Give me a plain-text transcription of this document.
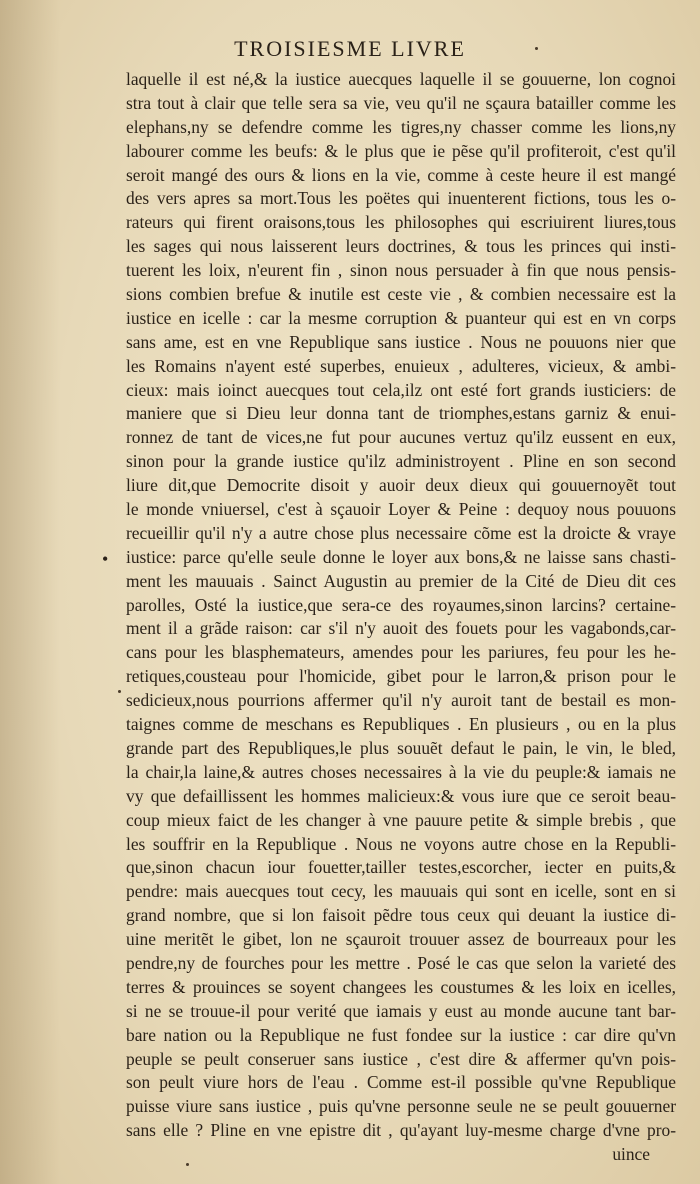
TROISIESME LIVRE
laquelle il est né,& la iustice auecques laquelle il se gouuerne, lon cognoi
stra tout à clair que telle sera sa vie, veu qu'il ne sçaura batailler comme les
elephans,ny se defendre comme les tigres,ny chasser comme les lions,ny
labourer comme les beufs: & le plus que ie pẽse qu'il profiteroit, c'est qu'il
seroit mangé des ours & lions en la vie, comme à ceste heure il est mangé
des vers apres sa mort.Tous les poëtes qui inuenterent fictions, tous les o-
rateurs qui firent oraisons,tous les philosophes qui escriuirent liures,tous
les sages qui nous laisserent leurs doctrines, & tous les princes qui insti-
tuerent les loix, n'eurent fin , sinon nous persuader à fin que nous pensis-
sions combien brefue & inutile est ceste vie , & combien necessaire est la
iustice en icelle : car la mesme corruption & puanteur qui est en vn corps
sans ame, est en vne Republique sans iustice . Nous ne pouuons nier que
les Romains n'ayent esté superbes, enuieux , adulteres, vicieux, & ambi-
cieux: mais ioinct auecques tout cela,ilz ont esté fort grands iusticiers: de
maniere que si Dieu leur donna tant de triomphes,estans garniz & enui-
ronnez de tant de vices,ne fut pour aucunes vertuz qu'ilz eussent en eux,
sinon pour la grande iustice qu'ilz administroyent . Pline en son second
liure dit,que Democrite disoit y auoir deux dieux qui gouuernoyẽt tout
le monde vniuersel, c'est à sçauoir Loyer & Peine : dequoy nous pouuons
recueillir qu'il n'y a autre chose plus necessaire cõme est la droicte & vraye
iustice: parce qu'elle seule donne le loyer aux bons,& ne laisse sans chasti-
ment les mauuais . Sainct Augustin au premier de la Cité de Dieu dit ces
parolles, Osté la iustice,que sera-ce des royaumes,sinon larcins? certaine-
ment il a grãde raison: car s'il n'y auoit des fouets pour les vagabonds,car-
cans pour les blasphemateurs, amendes pour les pariures, feu pour les he-
retiques,cousteau pour l'homicide, gibet pour le larron,& prison pour le
sedicieux,nous pourrions affermer qu'il n'y auroit tant de bestail es mon-
taignes comme de meschans es Republiques . En plusieurs , ou en la plus
grande part des Republiques,le plus souuẽt defaut le pain, le vin, le bled,
la chair,la laine,& autres choses necessaires à la vie du peuple:& iamais ne
vy que defaillissent les hommes malicieux:& vous iure que ce seroit beau-
coup mieux faict de les changer à vne pauure petite & simple brebis , que
les souffrir en la Republique . Nous ne voyons autre chose en la Republi-
que,sinon chacun iour fouetter,tailler testes,escorcher, iecter en puits,&
pendre: mais auecques tout cecy, les mauuais qui sont en icelle, sont en si
grand nombre, que si lon faisoit pẽdre tous ceux qui deuant la iustice di-
uine meritẽt le gibet, lon ne sçauroit trouuer assez de bourreaux pour les
pendre,ny de fourches pour les mettre . Posé le cas que selon la varieté des
terres & prouinces se soyent changees les coustumes & les loix en icelles,
si ne se trouue-il pour verité que iamais y eust au monde aucune tant bar-
bare nation ou la Republique ne fust fondee sur la iustice : car dire qu'vn
peuple se peult conseruer sans iustice , c'est dire & affermer qu'vn pois-
son peult viure hors de l'eau . Comme est-il possible qu'vne Republique
puisse viure sans iustice , puis qu'vne personne seule ne se peult gouuerner
sans elle ? Pline en vne epistre dit , qu'ayant luy-mesme charge d'vne pro-
uince
•
